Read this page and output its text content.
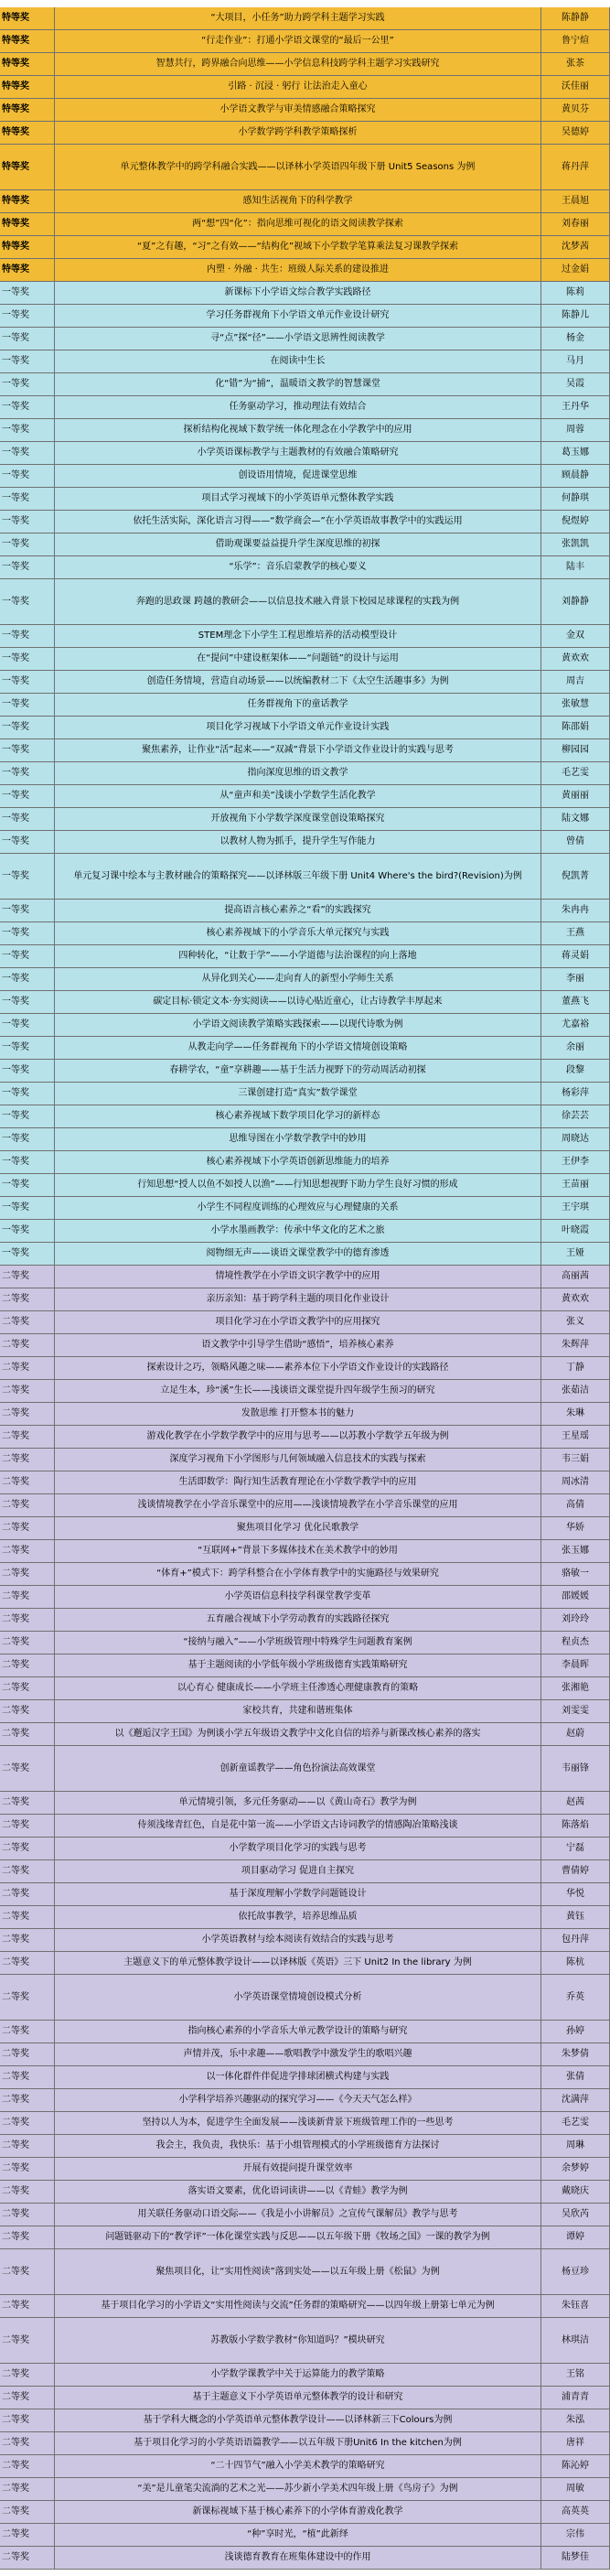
特等奖	“大项目，小任务”助力跨学科主题学习实践	陈静静
特等奖	“行走作业”：打通小学语文课堂的“最后一公里”	鲁宁煊
特等奖	智慧共行，跨界融合向思维——小学信息科技跨学科主题学习实践研究	张茶
特等奖	引路 · 沉浸 · 躬行 让法治走入童心	沃佳丽
特等奖	小学语文教学与审美情感融合策略探究	黄贝芬
特等奖	小学数学跨学科教学策略探析	吴德婷
特等奖	单元整体教学中的跨学科融合实践——以译林小学英语四年级下册 Unit5 Seasons 为例	蒋丹萍
特等奖	感知生活视角下的科学教学	王晨旭
特等奖	两“想”四“化”：指向思维可视化的语文阅读教学探索	刘春丽
特等奖	“夏”之有趣，“习”之有效——“结构化”视域下小学数学笔算乘法复习课教学探索	沈梦茜
特等奖	内塑 · 外融 · 共生：班级人际关系的建设推进	过金娟
一等奖	新课标下小学语文综合教学实践路径	陈莉
一等奖	学习任务群视角下小学语文单元作业设计研究	陈静儿
一等奖	寻“点”探“径”——小学语文思辨性阅读教学	杨金
一等奖	在阅读中生长	马月
一等奖	化“错”为“捕”，温暖语文教学的智慧课堂	吴霞
一等奖	任务驱动学习，推动理法有效结合	王丹华
一等奖	探析结构化视域下数学统一体化理念在小学教学中的应用	周蓉
一等奖	小学英语课标教学与主题教材的有效融合策略研究	葛玉娜
一等奖	创设语用情境，促进课堂思维	顾晨静
一等奖	项目式学习视域下的小学英语单元整体教学实践	何静琪
一等奖	依托生活实际，深化语言习得——“数学商会—”在小学英语故事教学中的实践运用	倪煜婷
一等奖	借助观课要益益提升学生深度思维的初探	张凯凯
一等奖	“乐学”：音乐启蒙教学的核心要义	陆丰
一等奖	奔跑的思政课 跨越的教研会——以信息技术融入背景下校园足球课程的实践为例	刘静静
一等奖	STEM理念下小学生工程思维培养的活动模型设计	金双
一等奖	在“提问”中建设框架体——“问题链”的设计与运用	黄欢欢
一等奖	创造任务情境，营造自动场景——以统编教材二下《太空生活趣事多》为例	周吉
一等奖	任务群视角下的童话教学	张敏慧
一等奖	项目化学习视域下小学语文单元作业设计实践	陈邵娟
一等奖	聚焦素养，让作业“活”起来——“双减”背景下小学语文作业设计的实践与思考	柳园园
一等奖	指向深度思维的语文教学	毛艺雯
一等奖	从“童声和美”浅谈小学数学生活化教学	黄丽丽
一等奖	开放视角下小学数学深度课堂创设策略探究	陆文娜
一等奖	以教材人物为抓手，提升学生写作能力	曾倩
一等奖	单元复习课中绘本与主教材融合的策略探究——以译林版三年级下册 Unit4 Where's the bird?(Revision)为例	倪凯菁
一等奖	提高语言核心素养之“看”的实践探究	朱冉冉
一等奖	核心素养视域下的小学音乐大单元探究与实践	王燕
一等奖	四种转化，“让数于学”——小学道德与法治课程的向上落地	蒋灵娟
一等奖	从异化到关心——走向育人的新型小学师生关系	李丽
一等奖	碳定目标·锁定文本·夯实阅读——以诗心贴近童心，让古诗教学丰厚起来	董燕飞
一等奖	小学语文阅读教学策略实践探索——以现代诗歌为例	尤嘉裕
一等奖	从教走向学——任务群视角下的小学语文情境创设策略	余丽
一等奖	春耕学农，“童”享耕趣——基于生活力视野下的劳动周活动初探	段黎
一等奖	三课创建打造“真实”数学课堂	杨彩萍
一等奖	核心素养视域下数学项目化学习的新样态	徐芸芸
一等奖	思维导图在小学数学教学中的妙用	周晓达
一等奖	核心素养视域下小学英语创新思维能力的培养	王伊李
一等奖	行知思想“授人以鱼不如授人以渔”——行知思想视野下助力学生良好习惯的形成	王苗丽
一等奖	小学生不同程度训练的心理效应与心理健康的关系	王宇琪
一等奖	小学水墨画教学：传承中华文化的艺术之旅	叶晓霞
一等奖	阅物细无声——谈语文课堂教学中的德育渗透	王娅
二等奖	情境性教学在小学语文识字教学中的应用	高丽茜
二等奖	亲历亲知：基于跨学科主题的项目化作业设计	黄欢欢
二等奖	项目化学习在小学语文教学中的应用探究	张义
二等奖	语文教学中引导学生借助“感悟”，培养核心素养	朱辉萍
二等奖	探索设计之巧，领略风趣之味——素养本位下小学语文作业设计的实践路径	丁静
二等奖	立足生本，珍“溪”生长——浅谈语文课堂提升四年级学生预习的研究	张茹洁
二等奖	发散思维 打开整本书的魅力	朱琳
二等奖	游戏化教学在小学数学教学中的应用与思考——以苏教小学数学五年级为例	王星瑶
二等奖	深度学习视角下小学图形与几何领域融入信息技术的实践与探索	韦三娟
二等奖	生活即数学：陶行知生活教育理论在小学数学教学中的应用	周冰清
二等奖	浅谈情境教学在小学音乐课堂中的应用——浅谈情境教学在小学音乐课堂的应用	高倩
二等奖	聚焦项目化学习 优化民歌教学	华娇
二等奖	“互联网+”背景下多媒体技术在美术教学中的妙用	张玉娜
二等奖	“体育+”模式下：跨学科整合在小学体育教学中的实施路径与效果研究	骆敏一
二等奖	小学英语信息科技学科课堂教学变革	邵媛媛
二等奖	五育融合视域下小学劳动教育的实践路径探究	刘玲玲
二等奖	“接纳与融入”——小学班级管理中特殊学生问题教育案例	程贞杰
二等奖	基于主题阅读的小学低年级小学班级德育实践策略研究	李晨晖
二等奖	以心育心 健康成长——小学班主任渗透心理健康教育的策略	张湘艳
二等奖	家校共育，共建和谐班集体	刘雯雯
二等奖	以《邂逅汉字王国》为例谈小学五年级语文教学中文化自信的培养与新课改核心素养的落实	赵蔚
二等奖	创新童谣教学——角色扮演法高效课堂	韦丽锋
二等奖	单元情境引领，多元任务驱动——以《黄山奇石》教学为例	赵茜
二等奖	侍须浅缘青红色，自是花中第一流——小学语文古诗词教学的情感陶冶策略浅谈	陈落焰
二等奖	小学数学项目化学习的实践与思考	宁磊
二等奖	项目驱动学习 促进自主探究	曹倩婷
二等奖	基于深度理解小学数学问题链设计	华悦
二等奖	依托故事教学，培养思维品质	黄钰
二等奖	小学英语教材与绘本阅读有效结合的实践与思考	包丹萍
二等奖	主题意义下的单元整体教学设计——以译林版《英语》三下 Unit2 In the library 为例	陈杭
二等奖	小学英语课堂情境创设模式分析	乔英
二等奖	指向核心素养的小学音乐大单元教学设计的策略与研究	孙婷
二等奖	声情并茂，乐中求趣——歌唱教学中激发学生的歌唱兴趣	朱梦倩
二等奖	以一体化群件伴促进学排球团横式构建与实践	张倩
二等奖	小学科学培养兴趣驱动的探究学习——《今天天气怎么样》	沈满萍
二等奖	坚持以人为本，促进学生全面发展——浅谈新背景下班级管理工作的一些思考	毛艺雯
二等奖	我会主，我负责，我快乐：基于小组管理模式的小学班级德育方法探讨	周琳
二等奖	开展有效提问提升课堂效率	余梦婷
二等奖	落实语文要素，优化语词读讲——以《青蛙》教学为例	戴晓庆
二等奖	用关联任务驱动口语交际——《我是小小讲解员》之宣传气课解员》教学与思考	吴欣芮
二等奖	问题链驱动下的“教学评”一体化课堂实践与反思——以五年级下册《牧场之国》一课的教学为例	谭婷
二等奖	聚焦项目化，让“实用性阅读”落到实处——以五年级上册《松鼠》为例	杨豆珍
二等奖	基于项目化学习的小学语文“实用性阅读与交流”任务群的策略研究——以四年级上册第七单元为例	朱钰喜
二等奖	苏教版小学数学教材“你知道吗？”模块研究	林琪洁
二等奖	小学数学课教学中关于运算能力的教学策略	王铭
二等奖	基于主题意义下小学英语单元整体教学的设计和研究	浦青青
二等奖	基于学科大概念的小学英语单元整体教学设计——以译林新三下Colours为例	朱泓
二等奖	基于项目化学习的小学英语语篇教学——以五年级下册Unit6 In the kitchen为例	唐祥
二等奖	“二十四节气”融入小学美术教学的策略研究	陈沁婷
二等奖	“美”是儿童笔尖流淌的艺术之光——苏少新小学美术四年级上册《鸟房子》为例	周敏
二等奖	新课标视域下基于核心素养下的小学体育游戏化教学	高英英
二等奖	“种”享时光，“植”此新绎	宗伟
二等奖	浅谈德育教育在班集体建设中的作用	陆梦佳
